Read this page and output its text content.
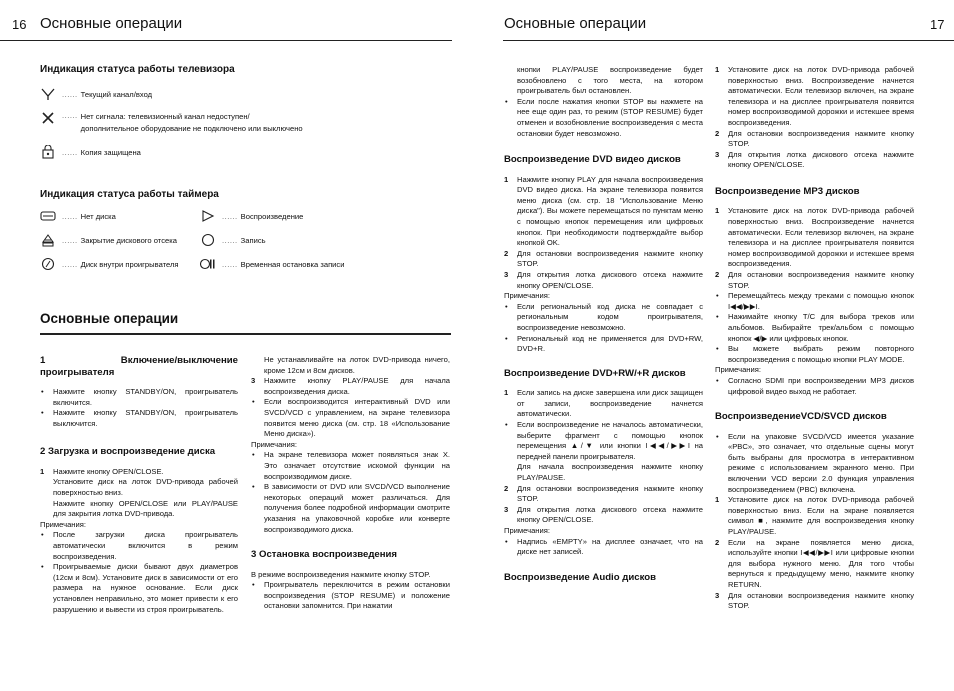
16 Основные операции	Основные операции	17
Индикация статуса работы телевизора
...... Текущий канал/вход
...... Нет сигнала: телевизионный канал недоступен/
дополнительное оборудование не подключено или выключено
...... Копия защищена
Индикация статуса работы таймера
...... Нет диска
...... Закрытие дискового отсека
...... Диск внутри проигрывателя
...... Воспроизведение
...... Запись
...... Временная остановка записи
Основные операции
1 Включение/выключение проигрывателя

• Нажмите кнопку STANDBY/ON, проигрыватель включится.

• Нажмите кнопку STANDBY/ON, проигрыватель выключится.

2 Загрузка и воспроизведение диска

1 Нажмите кнопку OPEN/CLOSE.

Установите диск на лоток DVD-привода рабочей поверхностью вниз.

Нажмите кнопку OPEN/CLOSE или PLAY/PAUSE для закрытия лотка DVD-привода.

Примечания:

• После загрузки диска проигрыватель автоматически включится в режим воспроизведения.

• Проигрываемые диски бывают двух диаметров (12см и 8см). Установите диск в зависимости от его размера на нужное основание. Если диск установлен неправильно, это может привести к его разрушению и вывести из строя проигрыватель.

Не устанавливайте на лоток DVD-привода ничего, кроме 12см и 8см дисков.

3 Нажмите кнопку PLAY/PAUSE для начала воспроизведения диска.

• Если воспроизводится интерактивный DVD или SVCD/VCD с управлением, на экране телевизора появится меню диска (см. стр. 18 «Использование Меню диска»).

Примечания:

• На экране телевизора может появляться знак X. Это означает отсутствие искомой функции на воспроизводимом диске.

• В зависимости от DVD или SVCD/VCD выполнение некоторых операций может различаться. Для получения более подробной информации смотрите указания на упаковочной коробке или конверте воспроизводимого диска.

3 Остановка воспроизведения

В режиме воспроизведения нажмите кнопку STOP.

• Проигрыватель переключится в режим остановки воспроизведения (STOP RESUME) и положение остановки запомнится. При нажатии

кнопки PLAY/PAUSE воспроизведение будет возобновлено с того места, на котором проигрыватель был остановлен.

• Если после нажатия кнопки STOP вы нажмете на нее еще один раз, то режим (STOP RESUME) будет отменен и возобновление воспроизведения с места остановки будет невозможно.

Воспроизведение DVD видео дисков

1 Нажмите кнопку PLAY для начала воспроизведения DVD видео диска. На экране телевизора появится меню диска (см. стр. 18 "Использование Меню диска"). Вы можете перемещаться по пунктам меню с помощью кнопок перемещения или цифровых кнопок. При необходимости подтверждайте выбор кнопкой OK.

2 Для остановки воспроизведения нажмите кнопку STOP.

3 Для открытия лотка дискового отсека нажмите кнопку OPEN/CLOSE.

Примечания:

• Если региональный код диска не совпадает с региональным кодом проигрывателя, воспроизведение невозможно.

• Региональный код не применяется для DVD+RW, DVD+R.

Воспроизведение DVD+RW/+R дисков

1 Если запись на диске завершена или диск защищен от записи, воспроизведение начнется автоматически.

• Если воспроизведение не началось автоматически, выберите фрагмент с помощью кнопок перемещения ▲/▼ или кнопки I◀◀/▶▶I на передней панели проигрывателя.

Для начала воспроизведения нажмите кнопку PLAY/PAUSE.

2 Для остановки воспроизведения нажмите кнопку STOP.

3 Для открытия лотка дискового отсека нажмите кнопку OPEN/CLOSE.

Примечания:

• Надпись «EMPTY» на дисплее означает, что на диске нет записей.

Воспроизведение Audio дисков

1 Установите диск на лоток DVD-привода рабочей поверхностью вниз. Воспроизведение начнется автоматически. Если телевизор включен, на экране телевизора и на дисплее проигрывателя появится номер воспроизводимой дорожки и истекшее время воспроизведения.

2 Для остановки воспроизведения нажмите кнопку STOP.

3 Для открытия лотка дискового отсека нажмите кнопку OPEN/CLOSE.

Воспроизведение MP3 дисков

1 Установите диск на лоток DVD-привода рабочей поверхностью вниз. Воспроизведение начнется автоматически. Если телевизор включен, на экране телевизора и на дисплее проигрывателя появится номер воспроизводимой дорожки и истекшее время воспроизведения.

2 Для остановки воспроизведения нажмите кнопку STOP.

• Перемещайтесь между треками с помощью кнопок I◀◀/▶▶I.

• Нажимайте кнопку T/C для выбора треков или альбомов. Выбирайте трек/альбом с помощью кнопок ◀/▶ или цифровых кнопок.

• Вы можете выбрать режим повторного воспроизведения с помощью кнопки PLAY MODE.

Примечания:

• Согласно SDMI при воспроизведении MP3 дисков цифровой видео выход не работает.

ВоспроизведениеVCD/SVCD дисков

• Если на упаковке SVCD/VCD имеется указание «PBC», это означает, что отдельные сцены могут быть выбраны для просмотра в интерактивном режиме с использованием экранного меню. При включении VCD версии 2.0 функция управления воспроизведением (PBC) включена.

1 Установите диск на лоток DVD-привода рабочей поверхностью вниз. Если на экране появляется символ ■, нажмите для воспроизведения кнопку PLAY/PAUSE.

2 Если на экране появляется меню диска, используйте кнопки I◀◀/▶▶I или цифровые кнопки для выбора нужного меню. Для того чтобы вернуться к предыдущему меню, нажмите кнопку RETURN.

3 Для остановки воспроизведения нажмите кнопку STOP.
